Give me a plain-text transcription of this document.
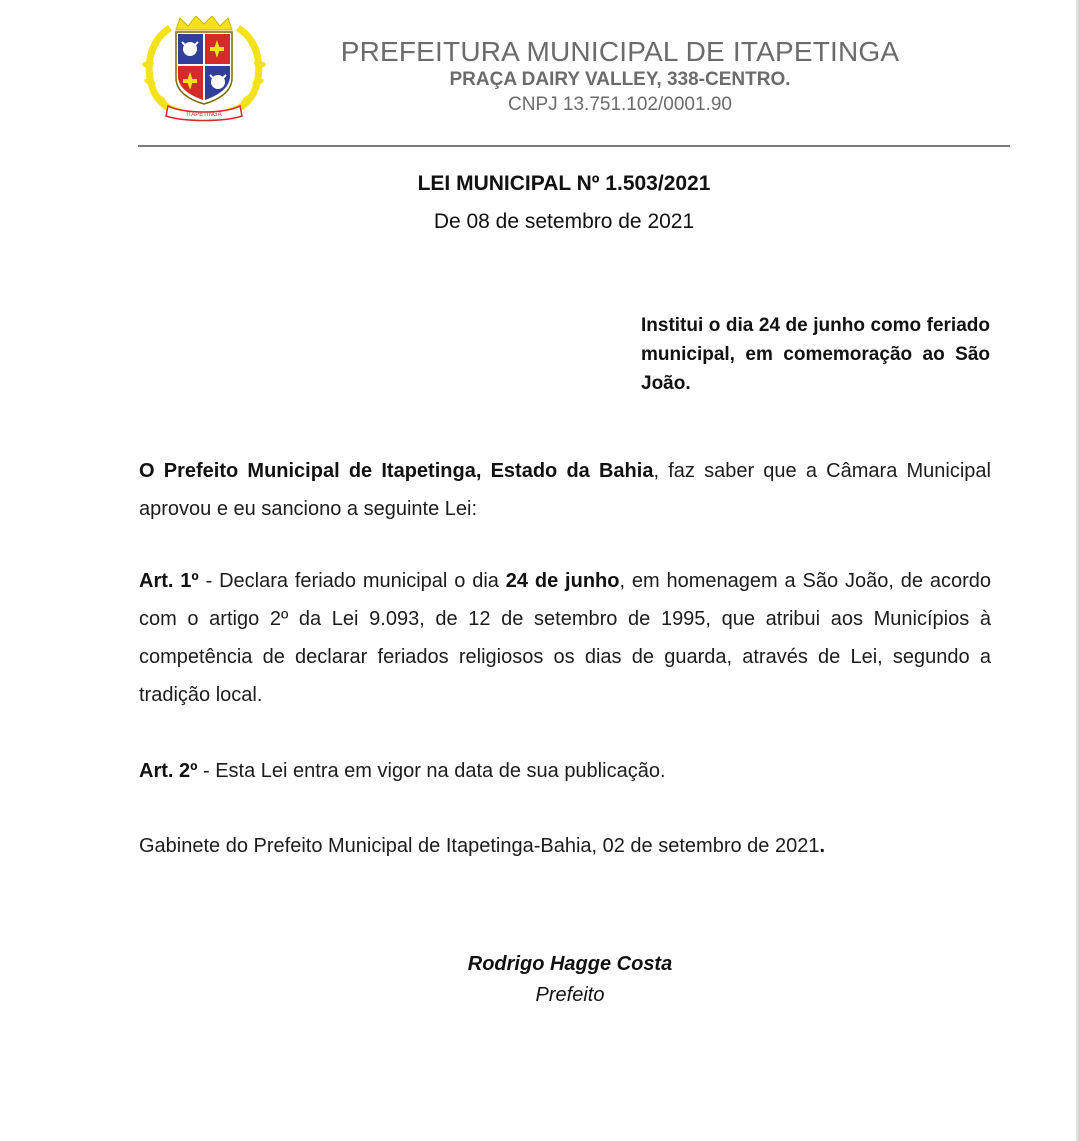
ITAPETINGA
PREFEITURA MUNICIPAL DE ITAPETINGA
PRAÇA DAIRY VALLEY, 338-CENTRO.
CNPJ 13.751.102/0001.90
LEI MUNICIPAL Nº 1.503/2021
De 08 de setembro de 2021
Institui o dia 24 de junho como feriado municipal, em comemoração ao São João.

O Prefeito Municipal de Itapetinga, Estado da Bahia, faz saber que a Câmara Municipal aprovou e eu sanciono a seguinte Lei:

Art. 1º - Declara feriado municipal o dia 24 de junho, em homenagem a São João, de acordo com o artigo 2º da Lei 9.093, de 12 de setembro de 1995, que atribui aos Municípios à competência de declarar feriados religiosos os dias de guarda, através de Lei, segundo a tradição local.

Art. 2º - Esta Lei entra em vigor na data de sua publicação.

Gabinete do Prefeito Municipal de Itapetinga-Bahia, 02 de setembro de 2021.

Rodrigo Hagge Costa
Prefeito
